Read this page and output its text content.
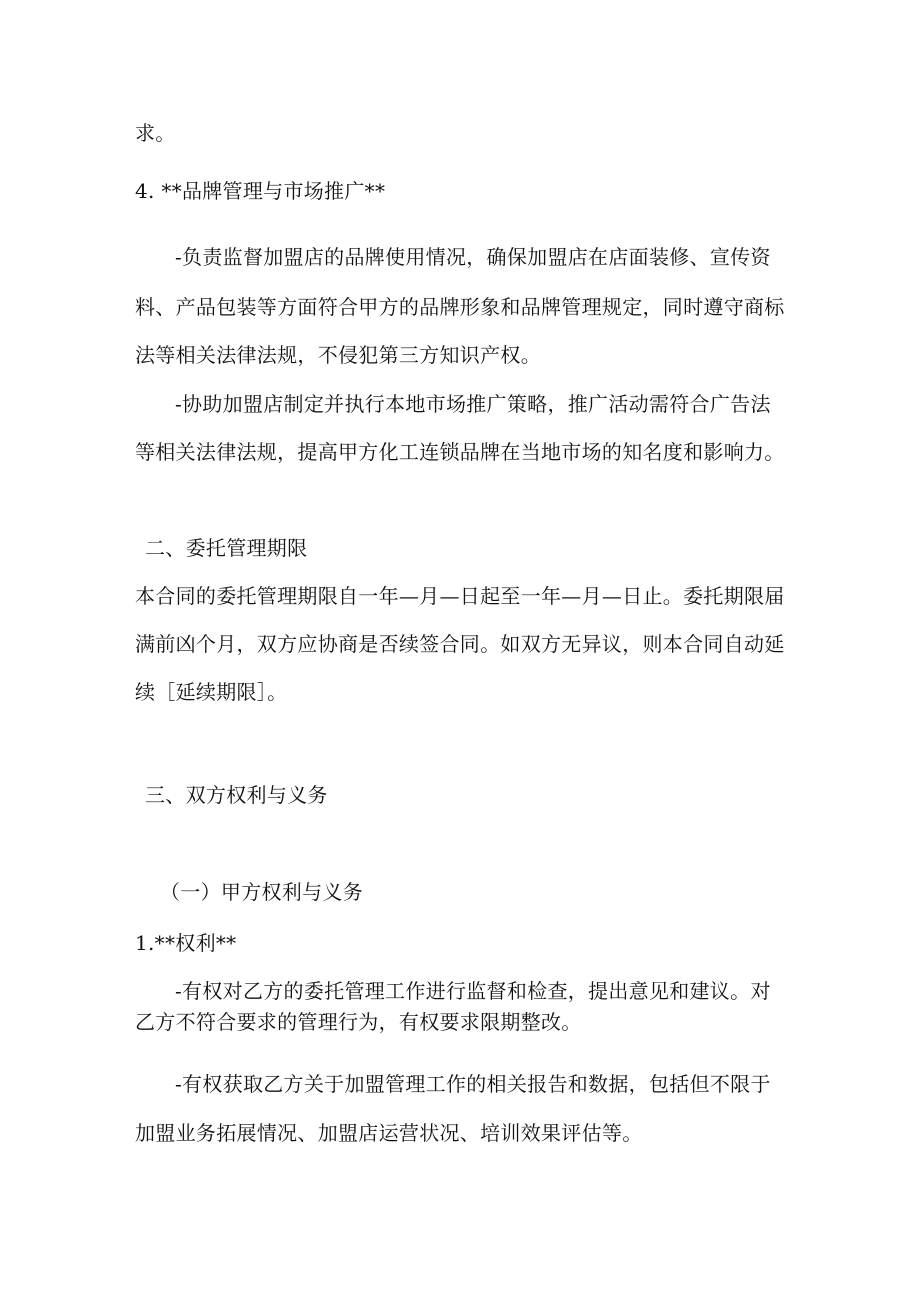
求。
4. **品牌管理与市场推广**
-负责监督加盟店的品牌使用情况，确保加盟店在店面装修、宣传资
料、产品包装等方面符合甲方的品牌形象和品牌管理规定，同时遵守商标
法等相关法律法规，不侵犯第三方知识产权。
-协助加盟店制定并执行本地市场推广策略，推广活动需符合广告法
等相关法律法规，提高甲方化工连锁品牌在当地市场的知名度和影响力。
二、委托管理期限
本合同的委托管理期限自一年—月—日起至一年—月—日止。委托期限届
满前凶个月，双方应协商是否续签合同。如双方无异议，则本合同自动延
续［延续期限］。
三、双方权利与义务
（一）甲方权利与义务
1.**权利**
-有权对乙方的委托管理工作进行监督和检查，提出意见和建议。对
乙方不符合要求的管理行为，有权要求限期整改。
-有权获取乙方关于加盟管理工作的相关报告和数据，包括但不限于
加盟业务拓展情况、加盟店运营状况、培训效果评估等。
